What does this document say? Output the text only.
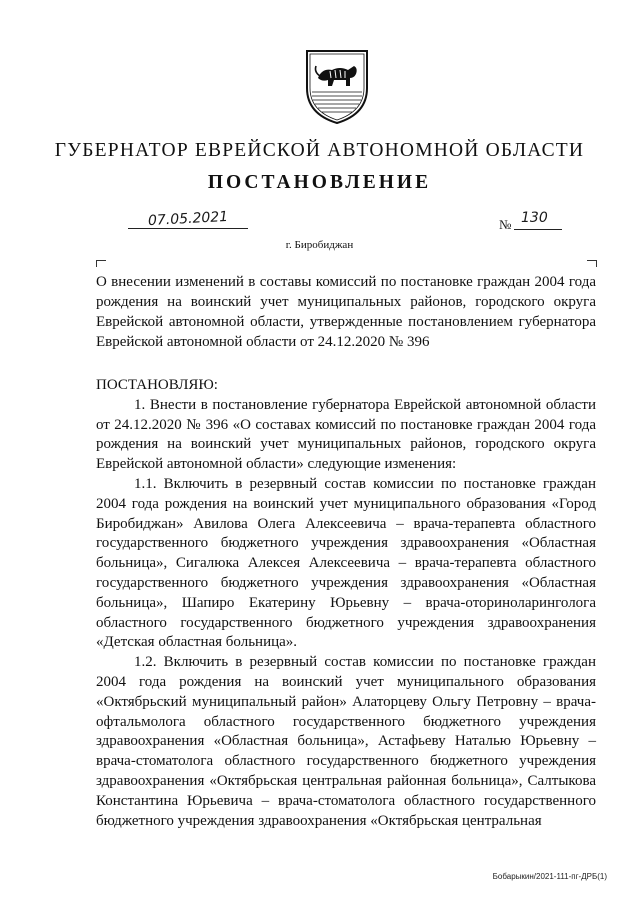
ГУБЕРНАТОР ЕВРЕЙСКОЙ АВТОНОМНОЙ ОБЛАСТИ
ПОСТАНОВЛЕНИЕ
07.05.2021	№ 130
г. Биробиджан

О внесении изменений в составы комиссий по постановке граждан 2004 года рождения на воинский учет муниципальных районов, городского округа Еврейской автономной области, утвержденные постановлением губернатора Еврейской автономной области от 24.12.2020 № 396

ПОСТАНОВЛЯЮ:

1. Внести в постановление губернатора Еврейской автономной области от 24.12.2020 № 396 «О составах комиссий по постановке граждан 2004 года рождения на воинский учет муниципальных районов, городского округа Еврейской автономной области» следующие изменения:

1.1. Включить в резервный состав комиссии по постановке граждан 2004 года рождения на воинский учет муниципального образования «Город Биробиджан» Авилова Олега Алексеевича – врача-терапевта областного государственного бюджетного учреждения здравоохранения «Областная больница», Сигалюка Алексея Алексеевича – врача-терапевта областного государственного бюджетного учреждения здравоохранения «Областная больница», Шапиро Екатерину Юрьевну – врача-оториноларинголога областного государственного бюджетного учреждения здравоохранения «Детская областная больница».

1.2. Включить в резервный состав комиссии по постановке граждан 2004 года рождения на воинский учет муниципального образования «Октябрьский муниципальный район» Алаторцеву Ольгу Петровну – врача-офтальмолога областного государственного бюджетного учреждения здравоохранения «Областная больница», Астафьеву Наталью Юрьевну – врача-стоматолога областного государственного бюджетного учреждения здравоохранения «Октябрьская центральная районная больница», Салтыкова Константина Юрьевича – врача-стоматолога областного государственного бюджетного учреждения здравоохранения «Октябрьская центральная

Бобарыкин/2021-111-пг-ДРБ(1)
